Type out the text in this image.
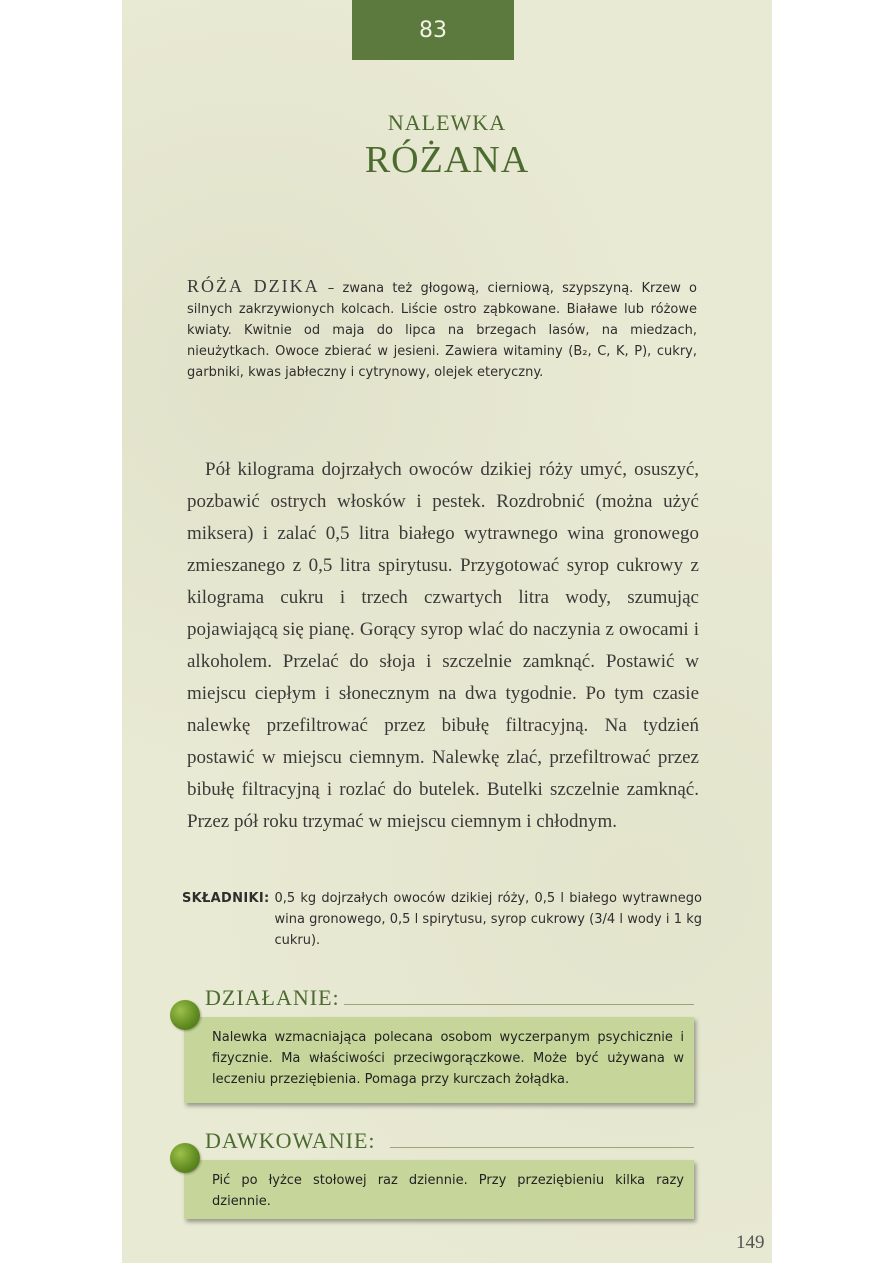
83
NALEWKA
RÓŻANA

RÓŻA DZIKA – zwana też głogową, cierniową, szypszyną. Krzew o silnych zakrzywionych kolcach. Liście ostro ząbkowane. Białawe lub różowe kwiaty. Kwitnie od maja do lipca na brzegach lasów, na miedzach, nieużytkach. Owoce zbierać w jesieni. Zawiera witaminy (B₂, C, K, P), cukry, garbniki, kwas jabłeczny i cytrynowy, olejek eteryczny.

Pół kilograma dojrzałych owoców dzikiej róży umyć, osuszyć, pozbawić ostrych włosków i pestek. Rozdrobnić (można użyć miksera) i zalać 0,5 litra białego wytrawnego wina gronowego zmieszanego z 0,5 litra spirytusu. Przygotować syrop cukrowy z kilograma cukru i trzech czwartych litra wody, szumując pojawiającą się pianę. Gorący syrop wlać do naczynia z owocami i alkoholem. Przelać do słoja i szczelnie zamknąć. Postawić w miejscu ciepłym i słonecznym na dwa tygodnie. Po tym czasie nalewkę przefiltrować przez bibułę filtracyjną. Na tydzień postawić w miejscu ciemnym. Nalewkę zlać, przefiltrować przez bibułę filtracyjną i rozlać do butelek. Butelki szczelnie zamknąć. Przez pół roku trzymać w miejscu ciemnym i chłodnym.

SKŁADNIKI: 0,5 kg dojrzałych owoców dzikiej róży, 0,5 l białego wytrawnego wina gronowego, 0,5 l spirytusu, syrop cukrowy (3/4 l wody i 1 kg cukru).
DZIAŁANIE:
Nalewka wzmacniająca polecana osobom wyczerpanym psychicznie i fizycznie. Ma właściwości przeciwgorączkowe. Może być używana w leczeniu przeziębienia. Pomaga przy kurczach żołądka.
DAWKOWANIE:
Pić po łyżce stołowej raz dziennie. Przy przeziębieniu kilka razy dziennie.
149
